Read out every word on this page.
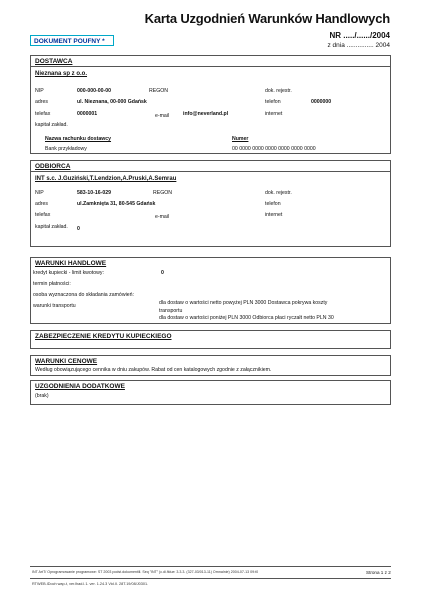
Karta Uzgodnień Warunków Handlowych
NR ...../....../2004
z dnia ............... 2004
DOKUMENT POUFNY *
DOSTAWCA
Nieznana sp z o.o.
NIP	000-000-00-00	REGON	dok. rejestr.
adres	ul. Nieznana, 00-000 Gdańsk	telefon	0000000
telefax	0000001	e-mail	info@neverland.pl	internet
kapitał zakład.
Nazwa rachunku dostawcy	Numer
Bank przykładowy	00 0000 0000 0000 0000 0000 0000
ODBIORCA
INT s.c. J.Guziński,T.Lendzion,A.Pruski,A.Semrau
NIP	583-10-16-029	REGON	dok. rejestr.
adres	ul.Zamknięta 31, 80-545 Gdańsk	telefon
telefax	e-mail	internet
kapitał zakład. 0
WARUNKI HANDLOWE
kredyt kupiecki - limit kwotowy:	0
termin płatności:
osoba wyznaczona do składania zamówień:
warunki transportu	dla dostaw o wartości netto powyżej PLN 3000 Dostawca pokrywa koszty
transportu
dla dostaw o wartości poniżej PLN 3000 Odbiorca płaci ryczałt netto PLN 30
ZABEZPIECZENIE KREDYTU KUPIECKIEGO
WARUNKI CENOWE
Według obowiązującego cennika w dniu zakupów. Rabat od cen katalogowych zgodnie z załącznikiem.
UZGODNIENIA DODATKOWE
(brak)
INT ArtT/ Oprogramowanie programowe: ST 2003 podst.dokumentill. Seq "INT" (c.di.fklue: 3.3.3. (327-03/013-11) Ornnalnie) 2004-07-13 09:t0	Strona 1 z 2
RTWEB.IDoch wap-t, ver.lhad.l.1. ver. 1.24.3 Vid.II. 28T.19/08/J0301.
